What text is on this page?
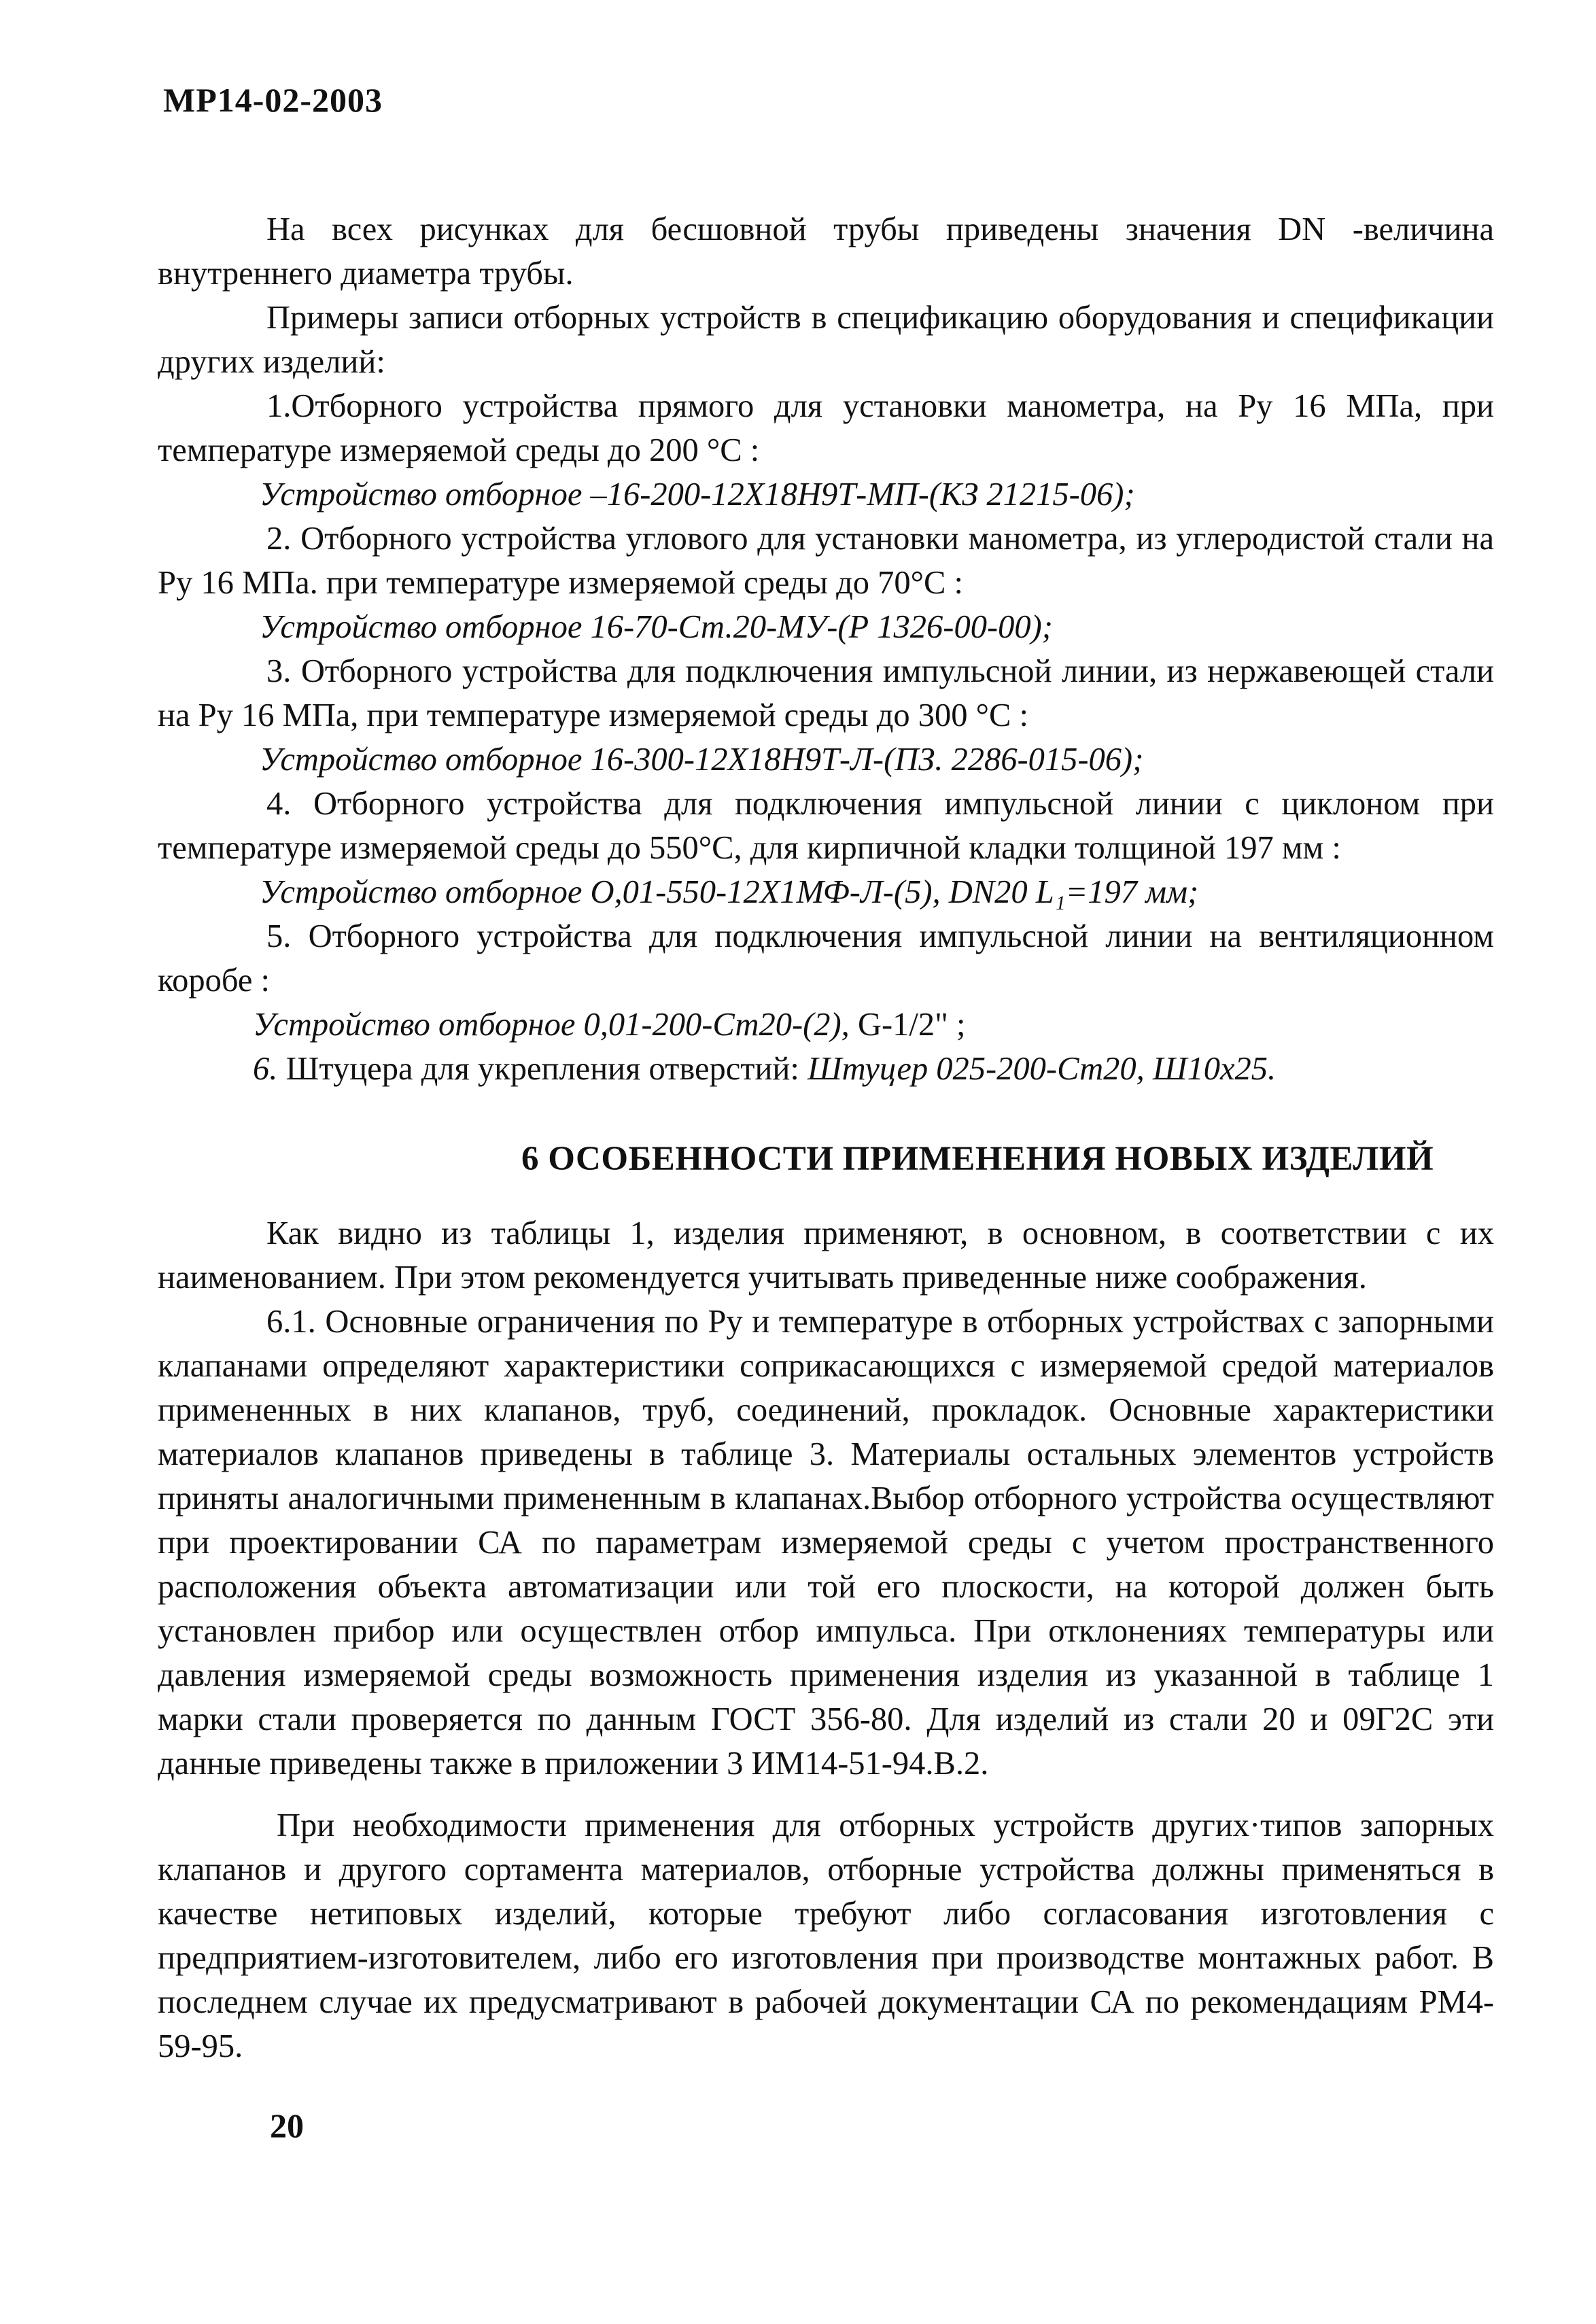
МР14-02-2003

На всех рисунках для бесшовной трубы приведены значения DN -величина внутреннего диаметра трубы.

Примеры записи отборных устройств в спецификацию оборудования и спецификации других изделий:

1.Отборного устройства прямого для установки манометра, на Ру 16 МПа, при температуре измеряемой среды до 200 °С :

Устройство отборное –16-200-12Х18Н9Т-МП-(КЗ 21215-06);

2. Отборного устройства углового для установки манометра, из углеродистой стали на Ру 16 МПа. при температуре измеряемой среды до 70°С :

Устройство отборное 16-70-Ст.20-МУ-(Р 1326-00-00);

3. Отборного устройства для подключения импульсной линии, из нержавеющей стали на Ру 16 МПа, при температуре измеряемой среды до 300 °С :

Устройство отборное 16-300-12Х18Н9Т-Л-(ПЗ. 2286-015-06);

4. Отборного устройства для подключения импульсной линии с циклоном при температуре измеряемой среды до 550°С, для кирпичной кладки толщиной 197 мм :

Устройство отборное О,01-550-12Х1МФ-Л-(5), DN20 L₁=197 мм;

5. Отборного устройства для подключения импульсной линии на вентиляционном коробе :

Устройство отборное 0,01-200-Ст20-(2), G-1/2" ;

6. Штуцера для укрепления отверстий: Штуцер 025-200-Ст20, Ш10х25.

6 ОСОБЕННОСТИ ПРИМЕНЕНИЯ НОВЫХ ИЗДЕЛИЙ

Как видно из таблицы 1, изделия применяют, в основном, в соответствии с их наименованием. При этом рекомендуется учитывать приведенные ниже соображения.

6.1. Основные ограничения по Ру и температуре в отборных устройствах с запорными клапанами определяют характеристики соприкасающихся с измеряемой средой материалов примененных в них клапанов, труб, соединений, прокладок. Основные характеристики материалов клапанов приведены в таблице 3. Материалы остальных элементов устройств приняты аналогичными примененным в клапанах.Выбор отборного устройства осуществляют при проектировании СА по параметрам измеряемой среды с учетом пространственного расположения объекта автоматизации или той его плоскости, на которой должен быть установлен прибор или осуществлен отбор импульса. При отклонениях температуры или давления измеряемой среды возможность применения изделия из указанной в таблице 1 марки стали проверяется по данным ГОСТ 356-80. Для изделий из стали 20 и 09Г2С эти данные приведены также в приложении 3 ИМ14-51-94.В.2.

При необходимости применения для отборных устройств других·типов запорных клапанов и другого сортамента материалов, отборные устройства должны применяться в качестве нетиповых изделий, которые требуют либо согласования изготовления с предприятием-изготовителем, либо его изготовления при производстве монтажных работ. В последнем случае их предусматривают в рабочей документации СА по рекомендациям РМ4-59-95.

20
